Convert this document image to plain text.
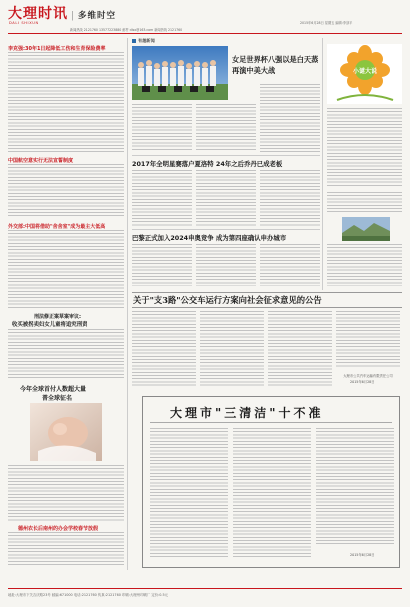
大理时讯 | 多维时空
DALI SHIXUN
新闻热线 2121760 13577223880 邮件 dlsx@163.com 新闻热线 2121760
2015年6月28日 星期五 编辑:李剑平
李克强:30年1日起降低工伤和生育保险费率
中国航空意实行无法宣誓制度
外交部:中国将借助"舍舍室"成为最主大低高
刑法修正案草案审议:
收买被拐卖妇女儿童将追究刑责
今年全球首付人数超大量
普全球征名
德州农长后南州的办会学校春节放假
有趣新闻
女足世界杯八强以是白天蒸
再演中美大战
2017年全明星赛落户夏洛特 24年之后乔丹已成老板
巴黎正式加入2024申奥竞争 成为第四座确认申办城市
小谜大说
关于"支3路"公交车运行方案向社会征求意见的公告
大理市公共汽车运输有限责任公司
2015年6月28日
大理市"三清洁"十不准
2015年6月28日
地址:大理市下关吉庆路23号 邮编:671000 电话:2121760 传真:2121760 印刷:大理州印刷厂 定价:0.5元
